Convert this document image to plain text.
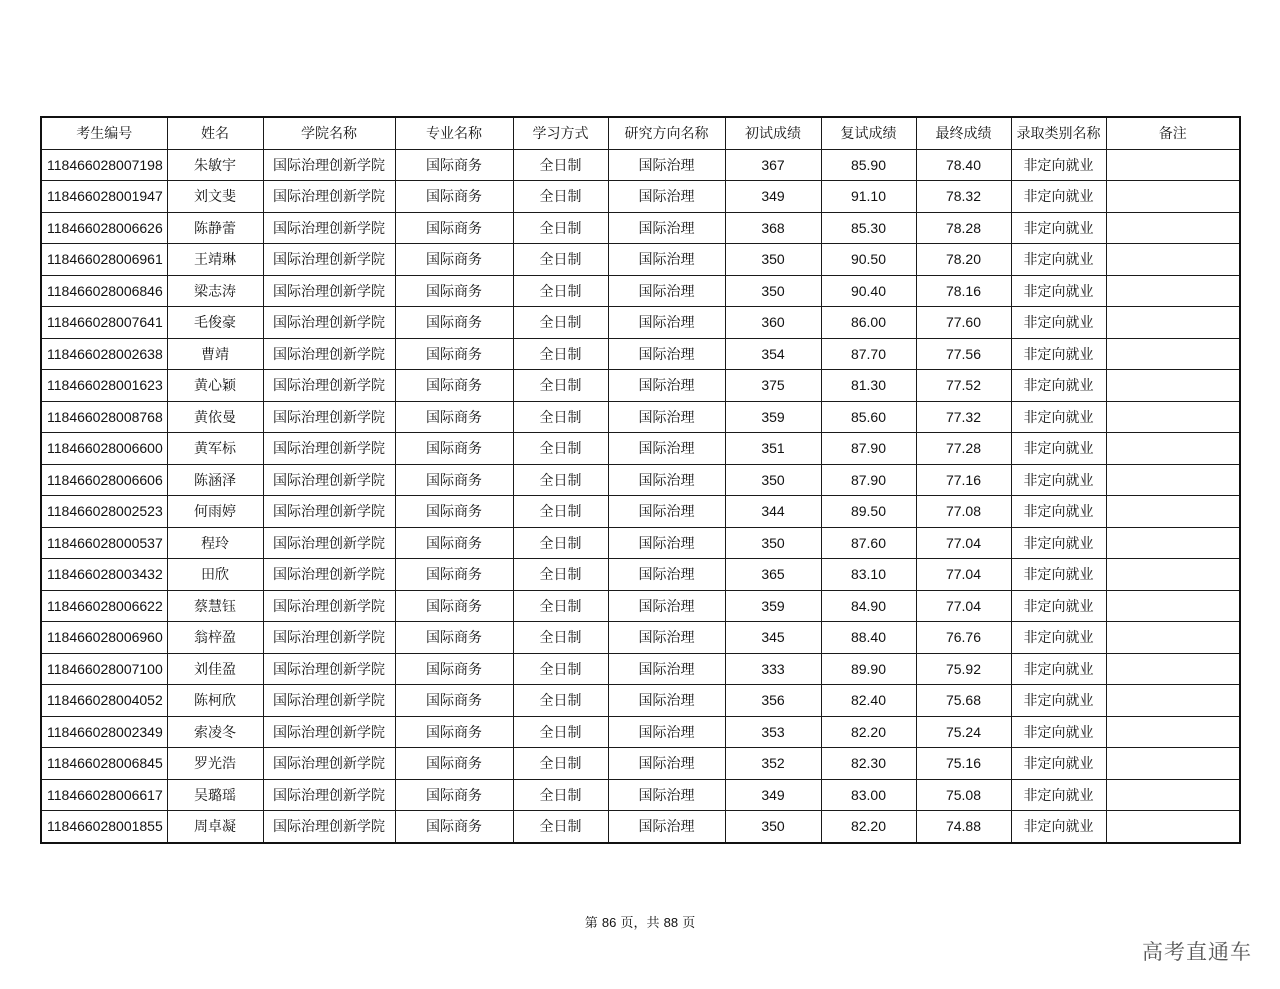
考生编号	姓名	学院名称	专业名称	学习方式	研究方向名称	初试成绩	复试成绩	最终成绩	录取类别名称	备注
118466028007198	朱敏宇	国际治理创新学院	国际商务	全日制	国际治理	367	85.90	78.40	非定向就业	
118466028001947	刘文斐	国际治理创新学院	国际商务	全日制	国际治理	349	91.10	78.32	非定向就业	
118466028006626	陈静蕾	国际治理创新学院	国际商务	全日制	国际治理	368	85.30	78.28	非定向就业	
118466028006961	王靖琳	国际治理创新学院	国际商务	全日制	国际治理	350	90.50	78.20	非定向就业	
118466028006846	梁志涛	国际治理创新学院	国际商务	全日制	国际治理	350	90.40	78.16	非定向就业	
118466028007641	毛俊豪	国际治理创新学院	国际商务	全日制	国际治理	360	86.00	77.60	非定向就业	
118466028002638	曹靖	国际治理创新学院	国际商务	全日制	国际治理	354	87.70	77.56	非定向就业	
118466028001623	黄心颖	国际治理创新学院	国际商务	全日制	国际治理	375	81.30	77.52	非定向就业	
118466028008768	黄依曼	国际治理创新学院	国际商务	全日制	国际治理	359	85.60	77.32	非定向就业	
118466028006600	黄军标	国际治理创新学院	国际商务	全日制	国际治理	351	87.90	77.28	非定向就业	
118466028006606	陈涵泽	国际治理创新学院	国际商务	全日制	国际治理	350	87.90	77.16	非定向就业	
118466028002523	何雨婷	国际治理创新学院	国际商务	全日制	国际治理	344	89.50	77.08	非定向就业	
118466028000537	程玲	国际治理创新学院	国际商务	全日制	国际治理	350	87.60	77.04	非定向就业	
118466028003432	田欣	国际治理创新学院	国际商务	全日制	国际治理	365	83.10	77.04	非定向就业	
118466028006622	蔡慧钰	国际治理创新学院	国际商务	全日制	国际治理	359	84.90	77.04	非定向就业	
118466028006960	翁梓盈	国际治理创新学院	国际商务	全日制	国际治理	345	88.40	76.76	非定向就业	
118466028007100	刘佳盈	国际治理创新学院	国际商务	全日制	国际治理	333	89.90	75.92	非定向就业	
118466028004052	陈柯欣	国际治理创新学院	国际商务	全日制	国际治理	356	82.40	75.68	非定向就业	
118466028002349	索凌冬	国际治理创新学院	国际商务	全日制	国际治理	353	82.20	75.24	非定向就业	
118466028006845	罗光浩	国际治理创新学院	国际商务	全日制	国际治理	352	82.30	75.16	非定向就业	
118466028006617	吴璐瑶	国际治理创新学院	国际商务	全日制	国际治理	349	83.00	75.08	非定向就业	
118466028001855	周卓凝	国际治理创新学院	国际商务	全日制	国际治理	350	82.20	74.88	非定向就业	
第 86 页，共 88 页
高考直通车
